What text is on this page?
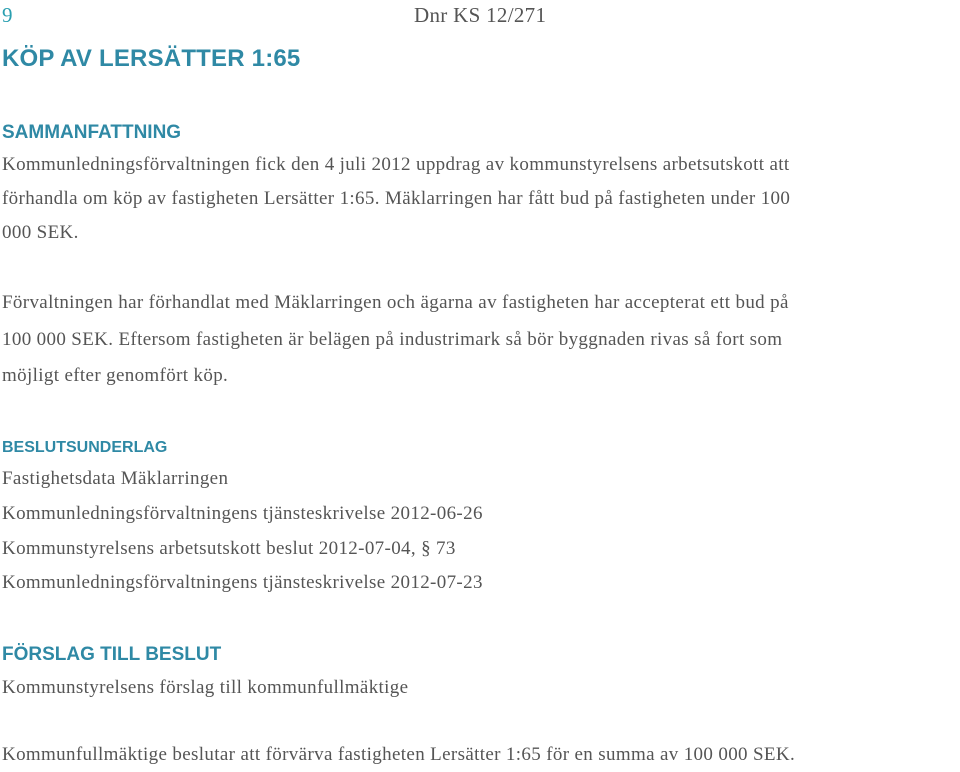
9	Dnr KS 12/271
KÖP AV LERSÄTTER 1:65
SAMMANFATTNING
Kommunledningsförvaltningen fick den 4 juli 2012 uppdrag av kommunstyrelsens arbetsutskott att
förhandla om köp av fastigheten Lersätter 1:65. Mäklarringen har fått bud på fastigheten under 100
000 SEK.
Förvaltningen har förhandlat med Mäklarringen och ägarna av fastigheten har accepterat ett bud på
100 000 SEK. Eftersom fastigheten är belägen på industrimark så bör byggnaden rivas så fort som
möjligt efter genomfört köp.
BESLUTSUNDERLAG
Fastighetsdata Mäklarringen
Kommunledningsförvaltningens tjänsteskrivelse 2012-06-26
Kommunstyrelsens arbetsutskott beslut 2012-07-04, § 73
Kommunledningsförvaltningens tjänsteskrivelse 2012-07-23
FÖRSLAG TILL BESLUT
Kommunstyrelsens förslag till kommunfullmäktige
Kommunfullmäktige beslutar att förvärva fastigheten Lersätter 1:65 för en summa av 100 000 SEK.
